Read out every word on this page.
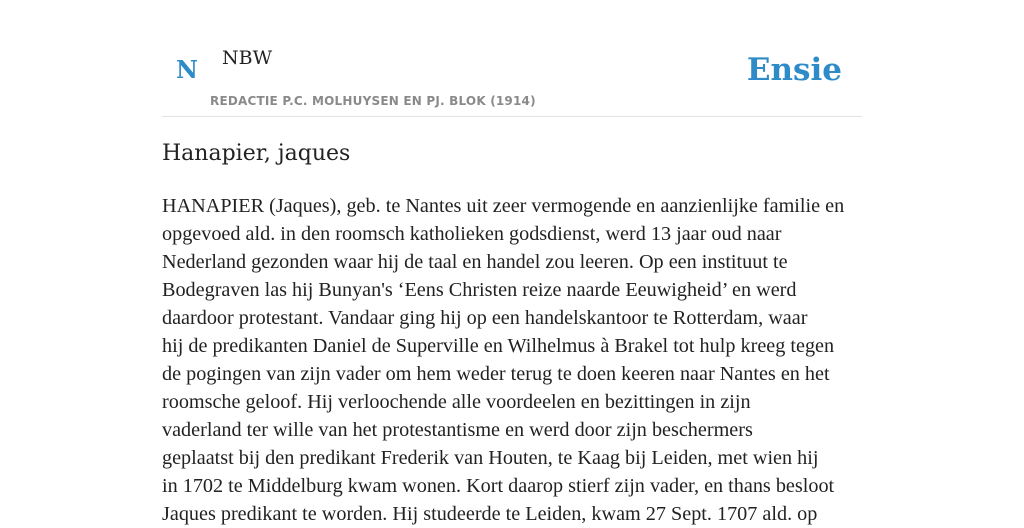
N NBW
REDACTIE P.C. MOLHUYSEN EN PJ. BLOK (1914)
Ensie
Hanapier, jaques
HANAPIER (Jaques), geb. te Nantes uit zeer vermogende en aanzienlijke familie en
opgevoed ald. in den roomsch katholieken godsdienst, werd 13 jaar oud naar
Nederland gezonden waar hij de taal en handel zou leeren. Op een instituut te
Bodegraven las hij Bunyan's ‘Eens Christen reize naarde Eeuwigheid’ en werd
daardoor protestant. Vandaar ging hij op een handelskantoor te Rotterdam, waar
hij de predikanten Daniel de Superville en Wilhelmus à Brakel tot hulp kreeg tegen
de pogingen van zijn vader om hem weder terug te doen keeren naar Nantes en het
roomsche geloof. Hij verloochende alle voordeelen en bezittingen in zijn
vaderland ter wille van het protestantisme en werd door zijn beschermers
geplaatst bij den predikant Frederik van Houten, te Kaag bij Leiden, met wien hij
in 1702 te Middelburg kwam wonen. Kort daarop stierf zijn vader, en thans besloot
Jaques predikant te worden. Hij studeerde te Leiden, kwam 27 Sept. 1707 ald. op
